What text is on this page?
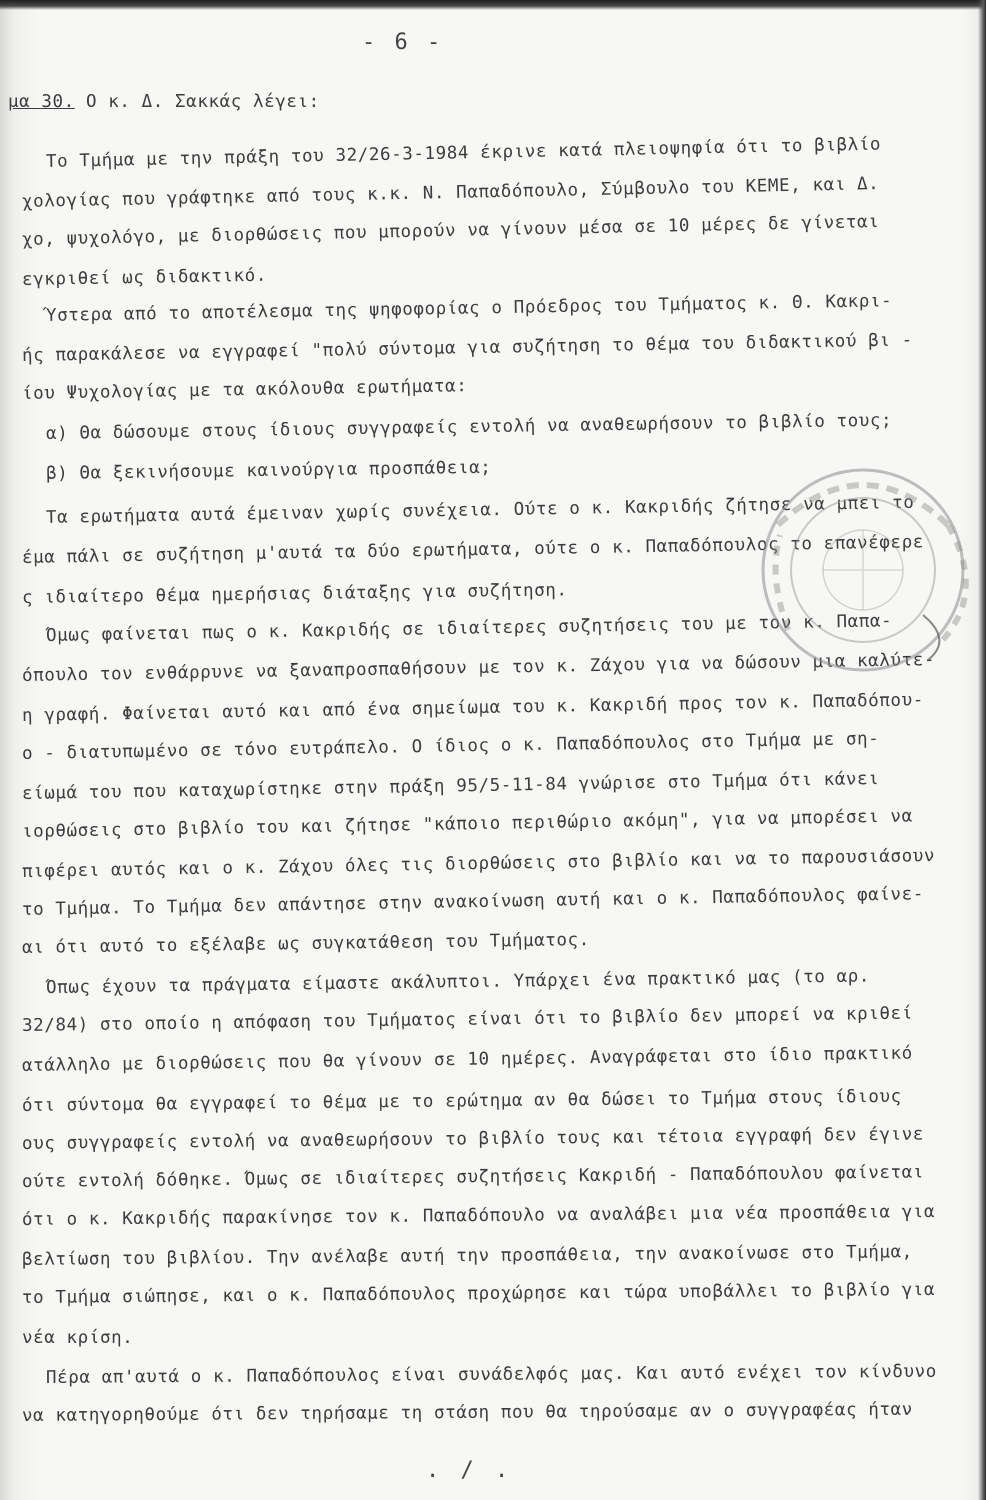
- 6 -
μα 30. Ο κ. Δ. Σακκάς λέγει:
Το Τμήμα με την πράξη του 32/26-3-1984 έκρινε κατά πλειοψηφία ότι το βιβλίο
χολογίας που γράφτηκε από τους κ.κ. Ν. Παπαδόπουλο, Σύμβουλο του ΚΕΜΕ, και Δ.
χο, ψυχολόγο, με διορθώσεις που μπορούν να γίνουν μέσα σε 10 μέρες δε γίνεται
εγκριθεί ως διδακτικό.
Ύστερα από το αποτέλεσμα της ψηφοφορίας ο Πρόεδρος του Τμήματος κ. Θ. Κακρι-
ής παρακάλεσε να εγγραφεί "πολύ σύντομα για συζήτηση το θέμα του διδακτικού βι -
ίου Ψυχολογίας με τα ακόλουθα ερωτήματα:
α) Θα δώσουμε στους ίδιους συγγραφείς εντολή να αναθεωρήσουν το βιβλίο τους;
β) Θα ξεκινήσουμε καινούργια προσπάθεια;
Τα ερωτήματα αυτά έμειναν χωρίς συνέχεια. Ούτε ο κ. Κακριδής ζήτησε να μπει το
έμα πάλι σε συζήτηση μ'αυτά τα δύο ερωτήματα, ούτε ο κ. Παπαδόπουλος το επανέφερε
ς ιδιαίτερο θέμα ημερήσιας διάταξης για συζήτηση.
Όμως φαίνεται πως ο κ. Κακριδής σε ιδιαίτερες συζητήσεις του με τον κ. Παπα-
όπουλο τον ενθάρρυνε να ξαναπροσπαθήσουν με τον κ. Ζάχου για να δώσουν μια καλύτε-
η γραφή. Φαίνεται αυτό και από ένα σημείωμα του κ. Κακριδή προς τον κ. Παπαδόπου-
ο - διατυπωμένο σε τόνο ευτράπελο. Ο ίδιος ο κ. Παπαδόπουλος στο Τμήμα με ση-
είωμά του που καταχωρίστηκε στην πράξη 95/5-11-84 γνώρισε στο Τμήμα ότι κάνει
ιορθώσεις στο βιβλίο του και ζήτησε "κάποιο περιθώριο ακόμη", για να μπορέσει να
πιφέρει αυτός και ο κ. Ζάχου όλες τις διορθώσεις στο βιβλίο και να το παρουσιάσουν
το Τμήμα. Το Τμήμα δεν απάντησε στην ανακοίνωση αυτή και ο κ. Παπαδόπουλος φαίνε-
αι ότι αυτό το εξέλαβε ως συγκατάθεση του Τμήματος.
Όπως έχουν τα πράγματα είμαστε ακάλυπτοι. Υπάρχει ένα πρακτικό μας (το αρ.
32/84) στο οποίο η απόφαση του Τμήματος είναι ότι το βιβλίο δεν μπορεί να κριθεί
ατάλληλο με διορθώσεις που θα γίνουν σε 10 ημέρες. Αναγράφεται στο ίδιο πρακτικό
ότι σύντομα θα εγγραφεί το θέμα με το ερώτημα αν θα δώσει το Τμήμα στους ίδιους
ους συγγραφείς εντολή να αναθεωρήσουν το βιβλίο τους και τέτοια εγγραφή δεν έγινε
ούτε εντολή δόθηκε. Όμως σε ιδιαίτερες συζητήσεις Κακριδή - Παπαδόπουλου φαίνεται
ότι ο κ. Κακριδής παρακίνησε τον κ. Παπαδόπουλο να αναλάβει μια νέα προσπάθεια για
βελτίωση του βιβλίου. Την ανέλαβε αυτή την προσπάθεια, την ανακοίνωσε στο Τμήμα,
το Τμήμα σιώπησε, και ο κ. Παπαδόπουλος προχώρησε και τώρα υποβάλλει το βιβλίο για
νέα κρίση.
Πέρα απ'αυτά ο κ. Παπαδόπουλος είναι συνάδελφός μας. Και αυτό ενέχει τον κίνδυνο
να κατηγορηθούμε ότι δεν τηρήσαμε τη στάση που θα τηρούσαμε αν ο συγγραφέας ήταν
. / .
